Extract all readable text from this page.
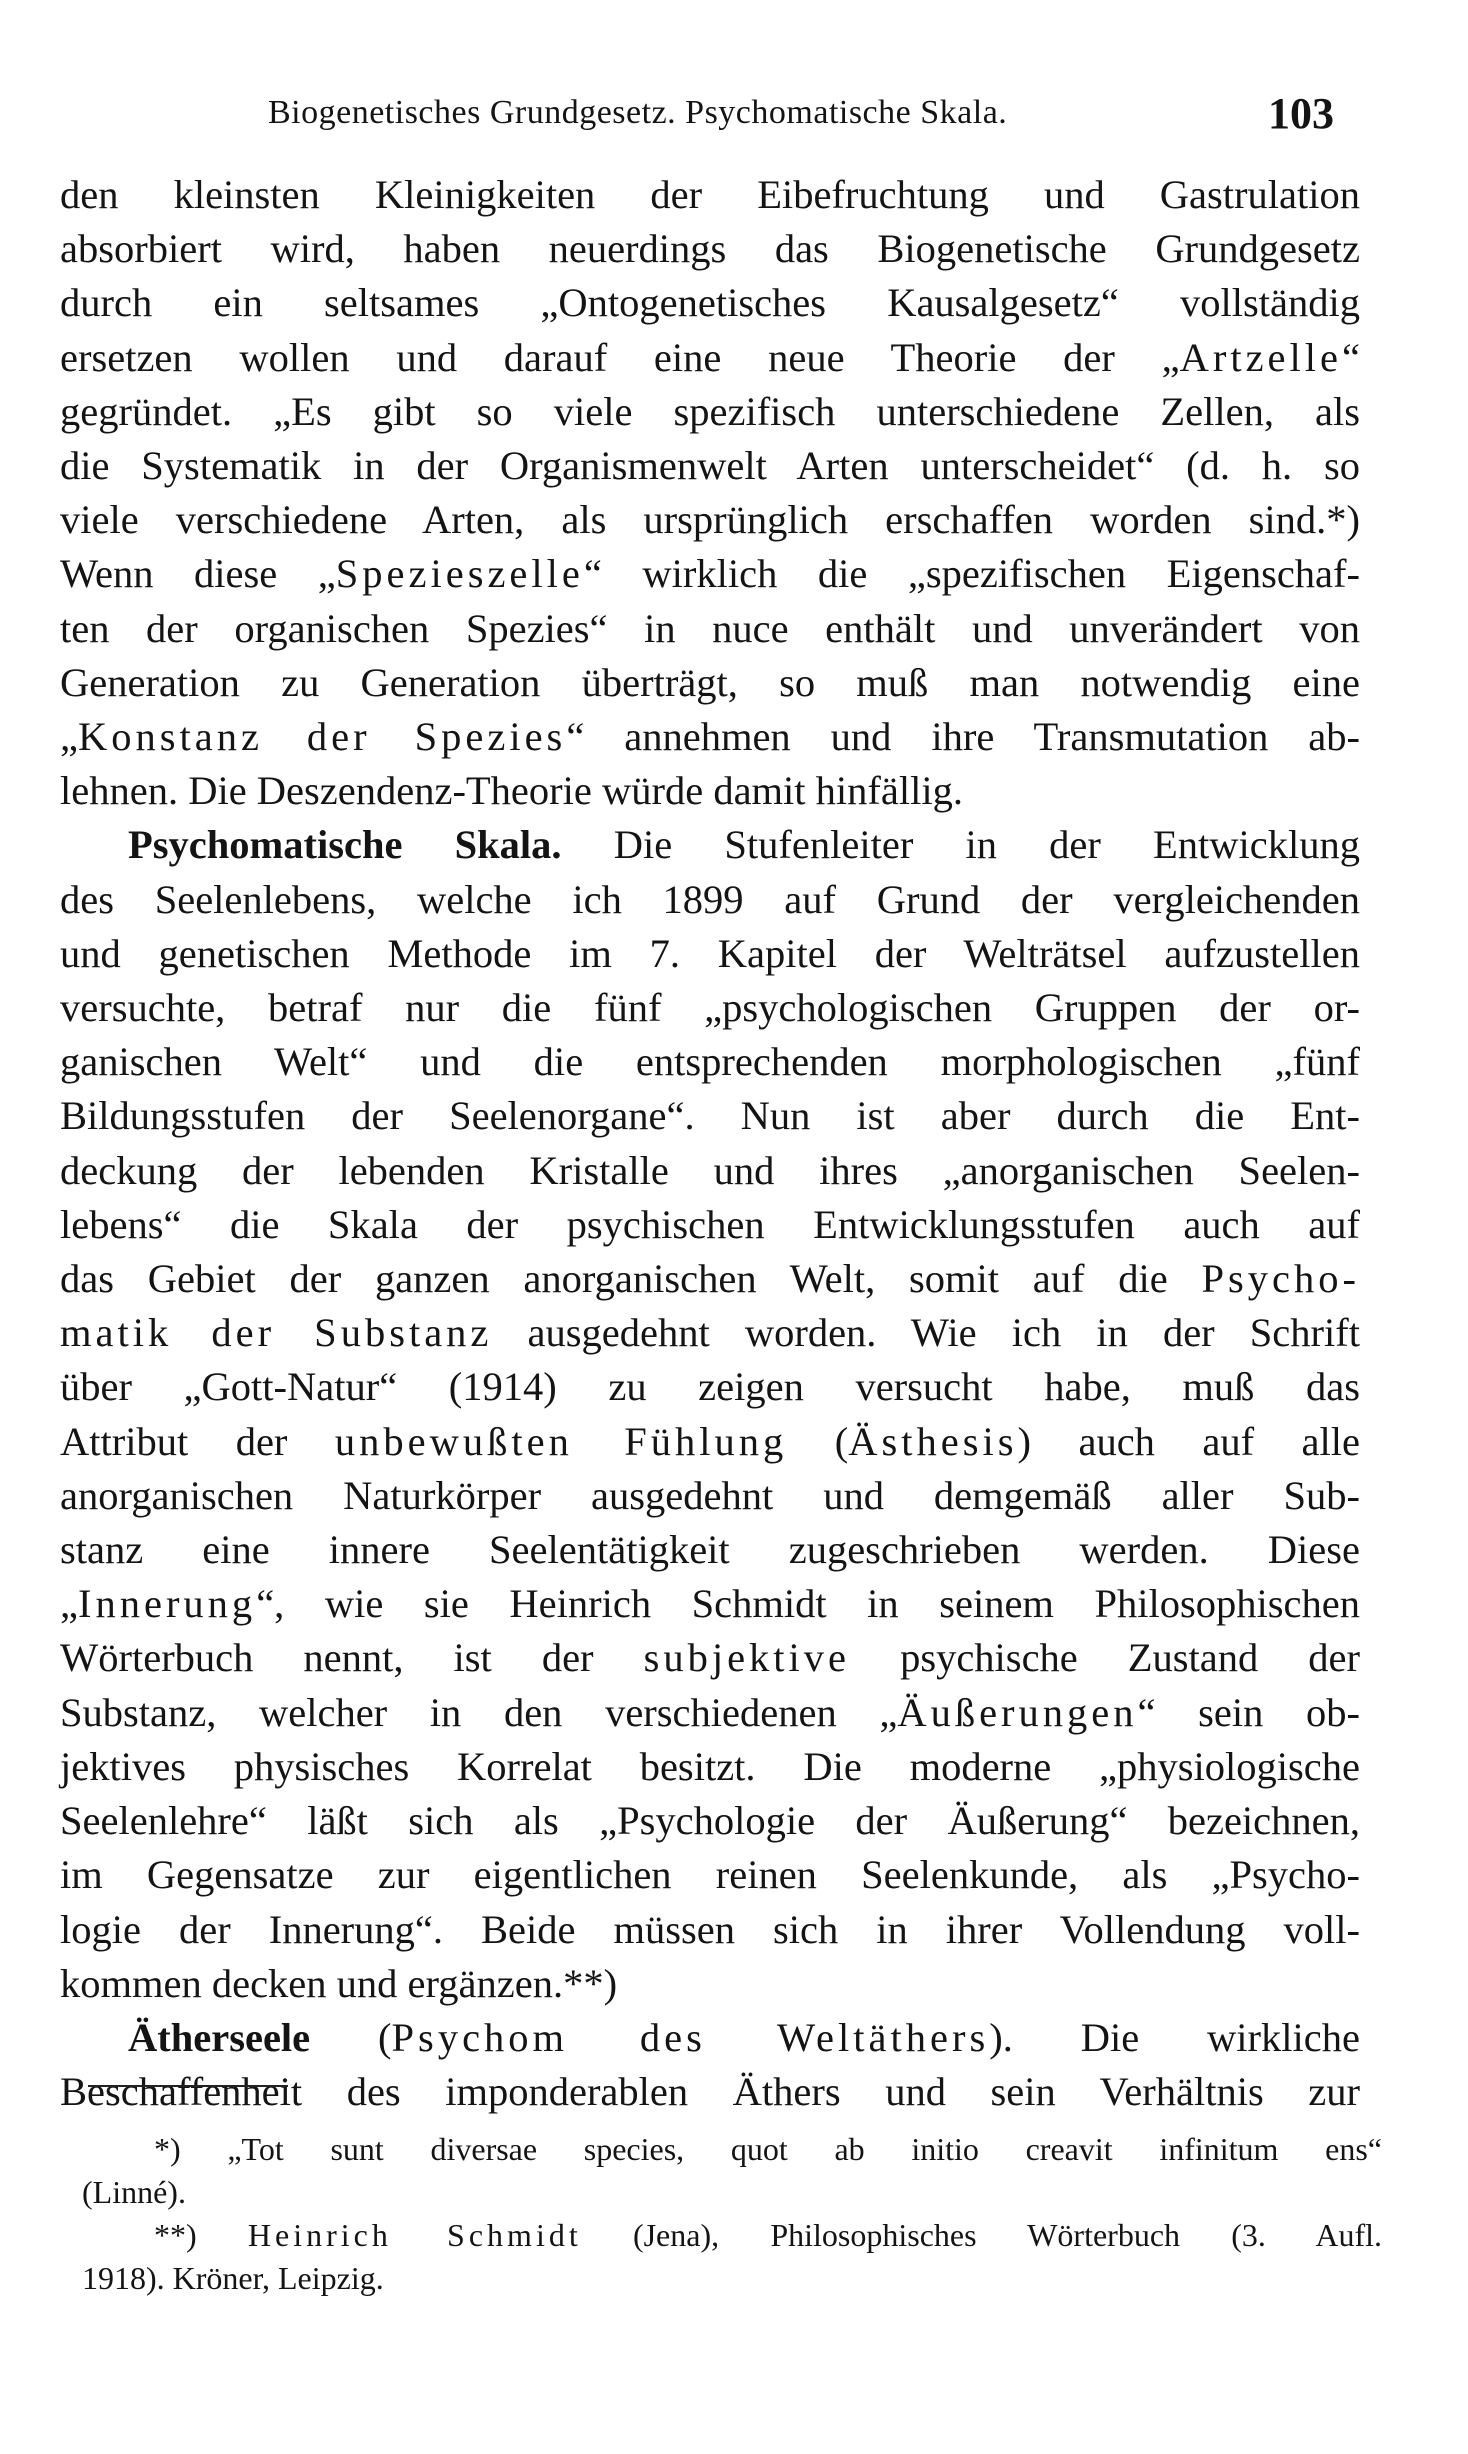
Biogenetisches Grundgesetz. Psychomatische Skala.	103

den kleinsten Kleinigkeiten der Eibefruchtung und Gastrulation

absorbiert wird, haben neuerdings das Biogenetische Grundgesetz

durch ein seltsames „Ontogenetisches Kausalgesetz“ vollständig

ersetzen wollen und darauf eine neue Theorie der „Artzelle“

gegründet. „Es gibt so viele spezifisch unterschiedene Zellen, als

die Systematik in der Organismenwelt Arten unterscheidet“ (d. h. so

viele verschiedene Arten, als ursprünglich erschaffen worden sind.*)

Wenn diese „Spezieszelle“ wirklich die „spezifischen Eigenschaf-

ten der organischen Spezies“ in nuce enthält und unverändert von

Generation zu Generation überträgt, so muß man notwendig eine

„Konstanz der Spezies“ annehmen und ihre Transmutation ab-

lehnen. Die Deszendenz-Theorie würde damit hinfällig.

Psychomatische Skala. Die Stufenleiter in der Entwicklung

des Seelenlebens, welche ich 1899 auf Grund der vergleichenden

und genetischen Methode im 7. Kapitel der Welträtsel aufzustellen

versuchte, betraf nur die fünf „psychologischen Gruppen der or-

ganischen Welt“ und die entsprechenden morphologischen „fünf

Bildungsstufen der Seelenorgane“. Nun ist aber durch die Ent-

deckung der lebenden Kristalle und ihres „anorganischen Seelen-

lebens“ die Skala der psychischen Entwicklungsstufen auch auf

das Gebiet der ganzen anorganischen Welt, somit auf die Psycho-

matik der Substanz ausgedehnt worden. Wie ich in der Schrift

über „Gott-Natur“ (1914) zu zeigen versucht habe, muß das

Attribut der unbewußten Fühlung (Ästhesis) auch auf alle

anorganischen Naturkörper ausgedehnt und demgemäß aller Sub-

stanz eine innere Seelentätigkeit zugeschrieben werden. Diese

„Innerung“, wie sie Heinrich Schmidt in seinem Philosophischen

Wörterbuch nennt, ist der subjektive psychische Zustand der

Substanz, welcher in den verschiedenen „Äußerungen“ sein ob-

jektives physisches Korrelat besitzt. Die moderne „physiologische

Seelenlehre“ läßt sich als „Psychologie der Äußerung“ bezeichnen,

im Gegensatze zur eigentlichen reinen Seelenkunde, als „Psycho-

logie der Innerung“. Beide müssen sich in ihrer Vollendung voll-

kommen decken und ergänzen.**)

Ätherseele (Psychom des Weltäthers). Die wirkliche

Beschaffenheit des imponderablen Äthers und sein Verhältnis zur

*) „Tot sunt diversae species, quot ab initio creavit infinitum ens“

(Linné).

**) Heinrich Schmidt (Jena), Philosophisches Wörterbuch (3. Aufl.

1918). Kröner, Leipzig.
